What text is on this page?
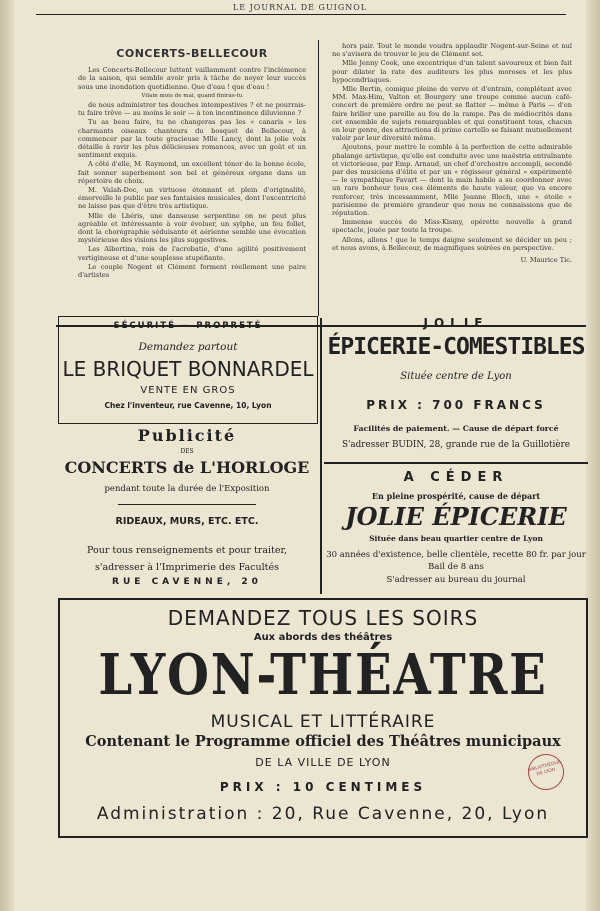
LE JOURNAL DE GUIGNOL
CONCERTS-BELLECOUR

Les Concerts-Bellecour luttent vaillamment contre l'inclémence de la saison, qui semble avoir pris à tâche de noyer leur succès sous une inondation quotidienne. Que d'eau ! que d'eau !

Vilain mois de mai, quand finiras-tu

de nous administrer tes douches intempestives ? et ne pourrais-tu faire trêve — au moins le soir — à ton incontinence diluvienne ?

Tu as beau faire, tu ne changeras pas les « canaris » les charmants oiseaux chanteurs du bosquet de Bellecour, à commencer par la toute gracieuse Mlle Lancy, dont la jolie voix détaille à ravir les plus délicieuses romances, avec un goût et un sentiment exquis.

A côté d'elle, M. Raymond, un excellent ténor de la bonne école, fait sonner superbement son bel et généreux organe dans un répertoire de choix.

M. Valah-Doc, un virtuose étonnant et plein d'originalité, émerveille le public par ses fantaisies musicales, dont l'excentricité ne laisse pas que d'être très artistique.

Mlle de Lhéris, une danseuse serpentine on ne peut plus agréable et intéressante à voir évoluer, un sylphe, un feu follet, dont la chorégraphie séduisante et aérienne semble une évocation mystérieuse des visions les plus suggestives.

Les Albertina, rois de l'acrobatie, d'une agilité positivement vertigineuse et d'une souplesse stupéfiante.

Le couple Nogent et Clément forment réellement une paire d'artistes

hors pair. Tout le monde voudra applaudir Nogent-sur-Seine et nul ne s'avisera de trouver le jeu de Clément sot.

Mlle Jenny Cook, une excentrique d'un talent savoureux et bien fait pour dilater la rate des auditeurs les plus moroses et les plus hypocondriaques.

Mlle Bertin, comique pleine de verve et d'entrain, complétant avec MM. Max-Him, Valton et Bourgery une troupe comme aucun café-concert de première ordre ne peut se flatter — même à Paris — d'en faire briller une pareille au fou de la rampe. Pas de médiocrités dans cet ensemble de sujets remarquables et qui constituent tous, chacun en leur genre, des attractions di primo cartello se faisant mutuellement valoir par leur diversité même.

Ajoutons, pour mettre le comble à la perfection de cette admirable phalange artistique, qu'elle est conduite avec une maëstria entraînante et victorieuse, par Emp. Arnaud, un chef d'orchestre accompli, secondé par des musiciens d'élite et par un « régisseur général » expérimenté — le sympathique Favart — dont la main habile a su coordonner avec un rare bonheur tous ces éléments de haute valeur, que va encore renforcer, très incessamment, Mlle Jeanne Bloch, une « étoile » parisienne de première grandeur que nous ne connaissions que de réputation.

Immense succès de Miss-Kismy, opérette nouvelle à grand spectacle, jouée par toute la troupe.

Allons, allons ! que le temps daigne seulement se décider un peu ; et nous avons, à Bellecour, de magnifiques soirées en perspective.

U. Maurice Tic.
SÉCURITÉ — PROPRETÉ
Demandez partout
LE BRIQUET BONNARDEL
VENTE EN GROS
Chez l'inventeur, rue Cavenne, 10, Lyon
Publicité
DES
CONCERTS de L'HORLOGE
pendant toute la durée de l'Exposition
RIDEAUX, MURS, ETC. ETC.
Pour tous renseignements et pour traiter, s'adresser à l'Imprimerie des Facultés
RUE CAVENNE, 20
JOLIE
ÉPICERIE-COMESTIBLES
Située centre de Lyon
PRIX : 700 FRANCS
Facilités de paiement. — Cause de départ forcé
S'adresser BUDIN, 28, grande rue de la Guillotière
A CÉDER
En pleine prospérité, cause de départ
JOLIE ÉPICERIE
Située dans beau quartier centre de Lyon
30 années d'existence, belle clientèle, recette 80 fr. par jour
Bail de 8 ans
S'adresser au bureau du journal
DEMANDEZ TOUS LES SOIRS
Aux abords des théâtres
LYON-THÉATRE
MUSICAL ET LITTÉRAIRE
Contenant le Programme officiel des Théâtres municipaux
DE LA VILLE DE LYON
PRIX : 10 CENTIMES
Administration : 20, Rue Cavenne, 20, Lyon
BIBLIOTHÈQUE DE LYON
